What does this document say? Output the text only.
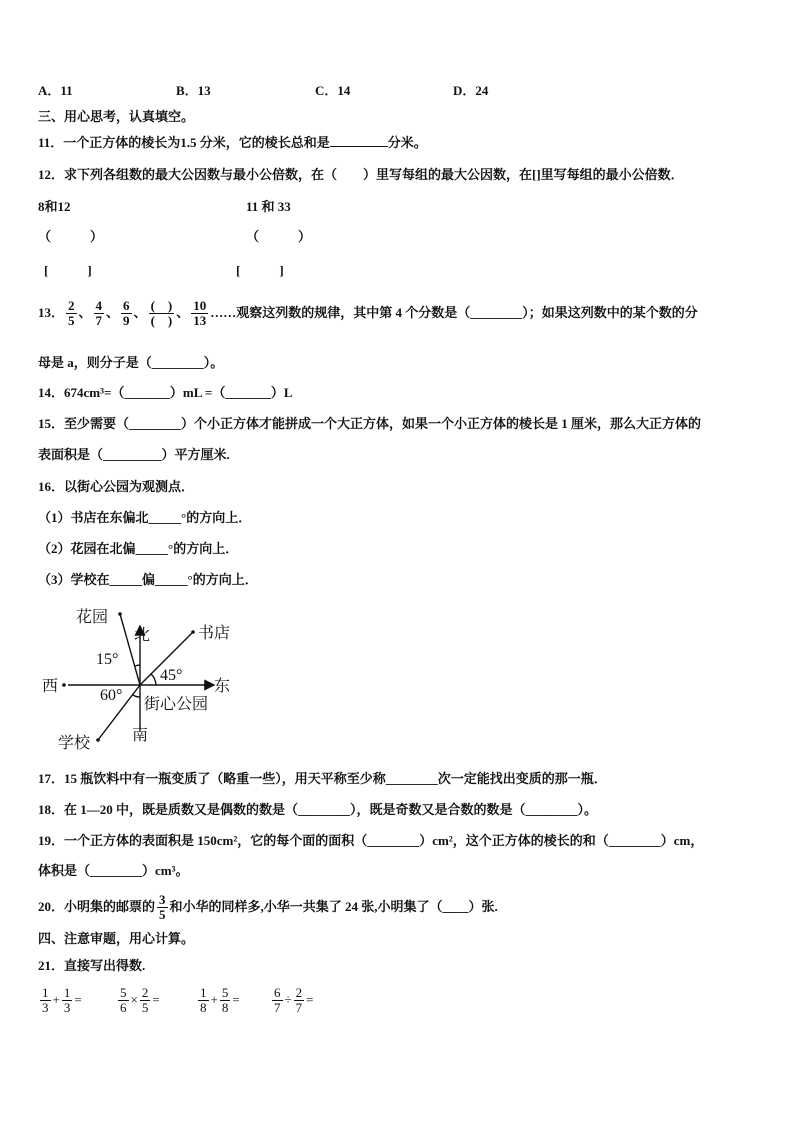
A．11	B．13	C．14	D．24
三、用心思考，认真填空。
11．一个正方体的棱长为1.5 分米，它的棱长总和是	分米。
12．求下列各组数的最大公因数与最小公倍数，在（　　）里写每组的最大公因数，在[]里写每组的最小公倍数．
8和12	11 和 33
（　　　）	（　　　）
[　　　]	[　　　]
13． $\frac{2}{5}$ 、 $\frac{4}{7}$ 、 $\frac{6}{9}$ 、 $\frac{( )}{( )}$ 、 $\frac{10}{13}$ ……观察这列数的规律，其中第 4 个分数是（________）；如果这列数中的某个数的分
母是 a，则分子是（________）。
14．674cm³=（_______）mL =（_______）L
15．至少需要（________）个小正方体才能拼成一个大正方体，如果一个小正方体的棱长是 1 厘米，那么大正方体的
表面积是（_________）平方厘米.
16．以街心公园为观测点．
（1）书店在东偏北_____°的方向上．
（2）花园在北偏_____°的方向上．
（3）学校在_____偏_____°的方向上．
花园
北	书店
西	东
街心公园
学校	南
15°
45°
60°
17．15 瓶饮料中有一瓶变质了（略重一些），用天平称至少称________次一定能找出变质的那一瓶．
18．在 1—20 中，既是质数又是偶数的数是（________），既是奇数又是合数的数是（________）。
19．一个正方体的表面积是 150cm²，它的每个面的面积（________）cm²，这个正方体的棱长的和（________）cm，
体积是（________）cm³。
20．小明集的邮票的 $\frac{3}{5}$ 和小华的同样多,小华一共集了 24 张,小明集了（____）张.
四、注意审题，用心计算。
21．直接写出得数.
$\frac{1}{3} + \frac{1}{3}$ =	$\frac{5}{6} \times \frac{2}{5}$ =	$\frac{1}{8} + \frac{5}{8} = \frac{6}{7} \div \frac{2}{7}$ =
